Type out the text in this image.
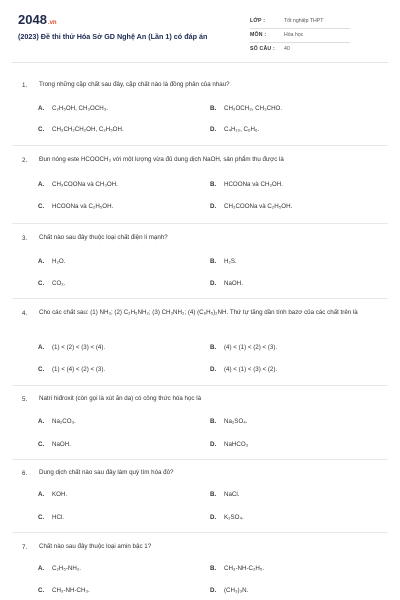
2048.vn
(2023) Đề thi thử Hóa Sở GD Nghệ An (Lần 1) có đáp án
LỚP :	Tốt nghiệp THPT
MÔN :	Hóa học
SỐ CÂU :	40
1. Trong những cặp chất sau đây, cặp chất nào là đồng phân của nhau?
A.	C₂H₅OH, CH₃OCH₃.	B.	CH₃OCH₃, CH₃CHO.
C.	CH₃CH₂CH₂OH, C₂H₅OH.	D.	C₄H₁₀, C₆H₆.
2. Đun nóng este HCOOCH₃ với một lượng vừa đủ dung dịch NaOH, sản phẩm thu được là
A.	CH₃COONa và CH₃OH.	B.	HCOONa và CH₃OH.
C.	HCOONa và C₂H₅OH.	D.	CH₃COONa và C₂H₅OH.
3. Chất nào sau đây thuộc loại chất điện li mạnh?
A.	H₂O.	B.	H₂S.
C.	CO₂.	D.	NaOH.
4. Cho các chất sau: (1) NH₃; (2) C₂H₅NH₂; (3) CH₃NH₂; (4) (C₆H₅)₂NH. Thứ tự tăng dần tính bazơ của các chất trên là
A.	(1) < (2) < (3) < (4).	B.	(4) < (1) < (2) < (3).
C.	(1) < (4) < (2) < (3).	D.	(4) < (1) < (3) < (2).
5. Natri hiđroxit (còn gọi là xút ăn da) có công thức hóa học là
A.	Na₂CO₃.	B.	Na₂SO₄.
C.	NaOH.	D.	NaHCO₃
6. Dung dịch chất nào sau đây làm quỳ tím hóa đỏ?
A.	KOH.	B.	NaCl.
C.	HCl.	D.	K₂SO₄.
7. Chất nào sau đây thuộc loại amin bậc 1?
A.	C₂H₅-NH₂.	B.	CH₃-NH-C₂H₅.
C.	CH₃-NH-CH₃.	D.	(CH₃)₃N.
